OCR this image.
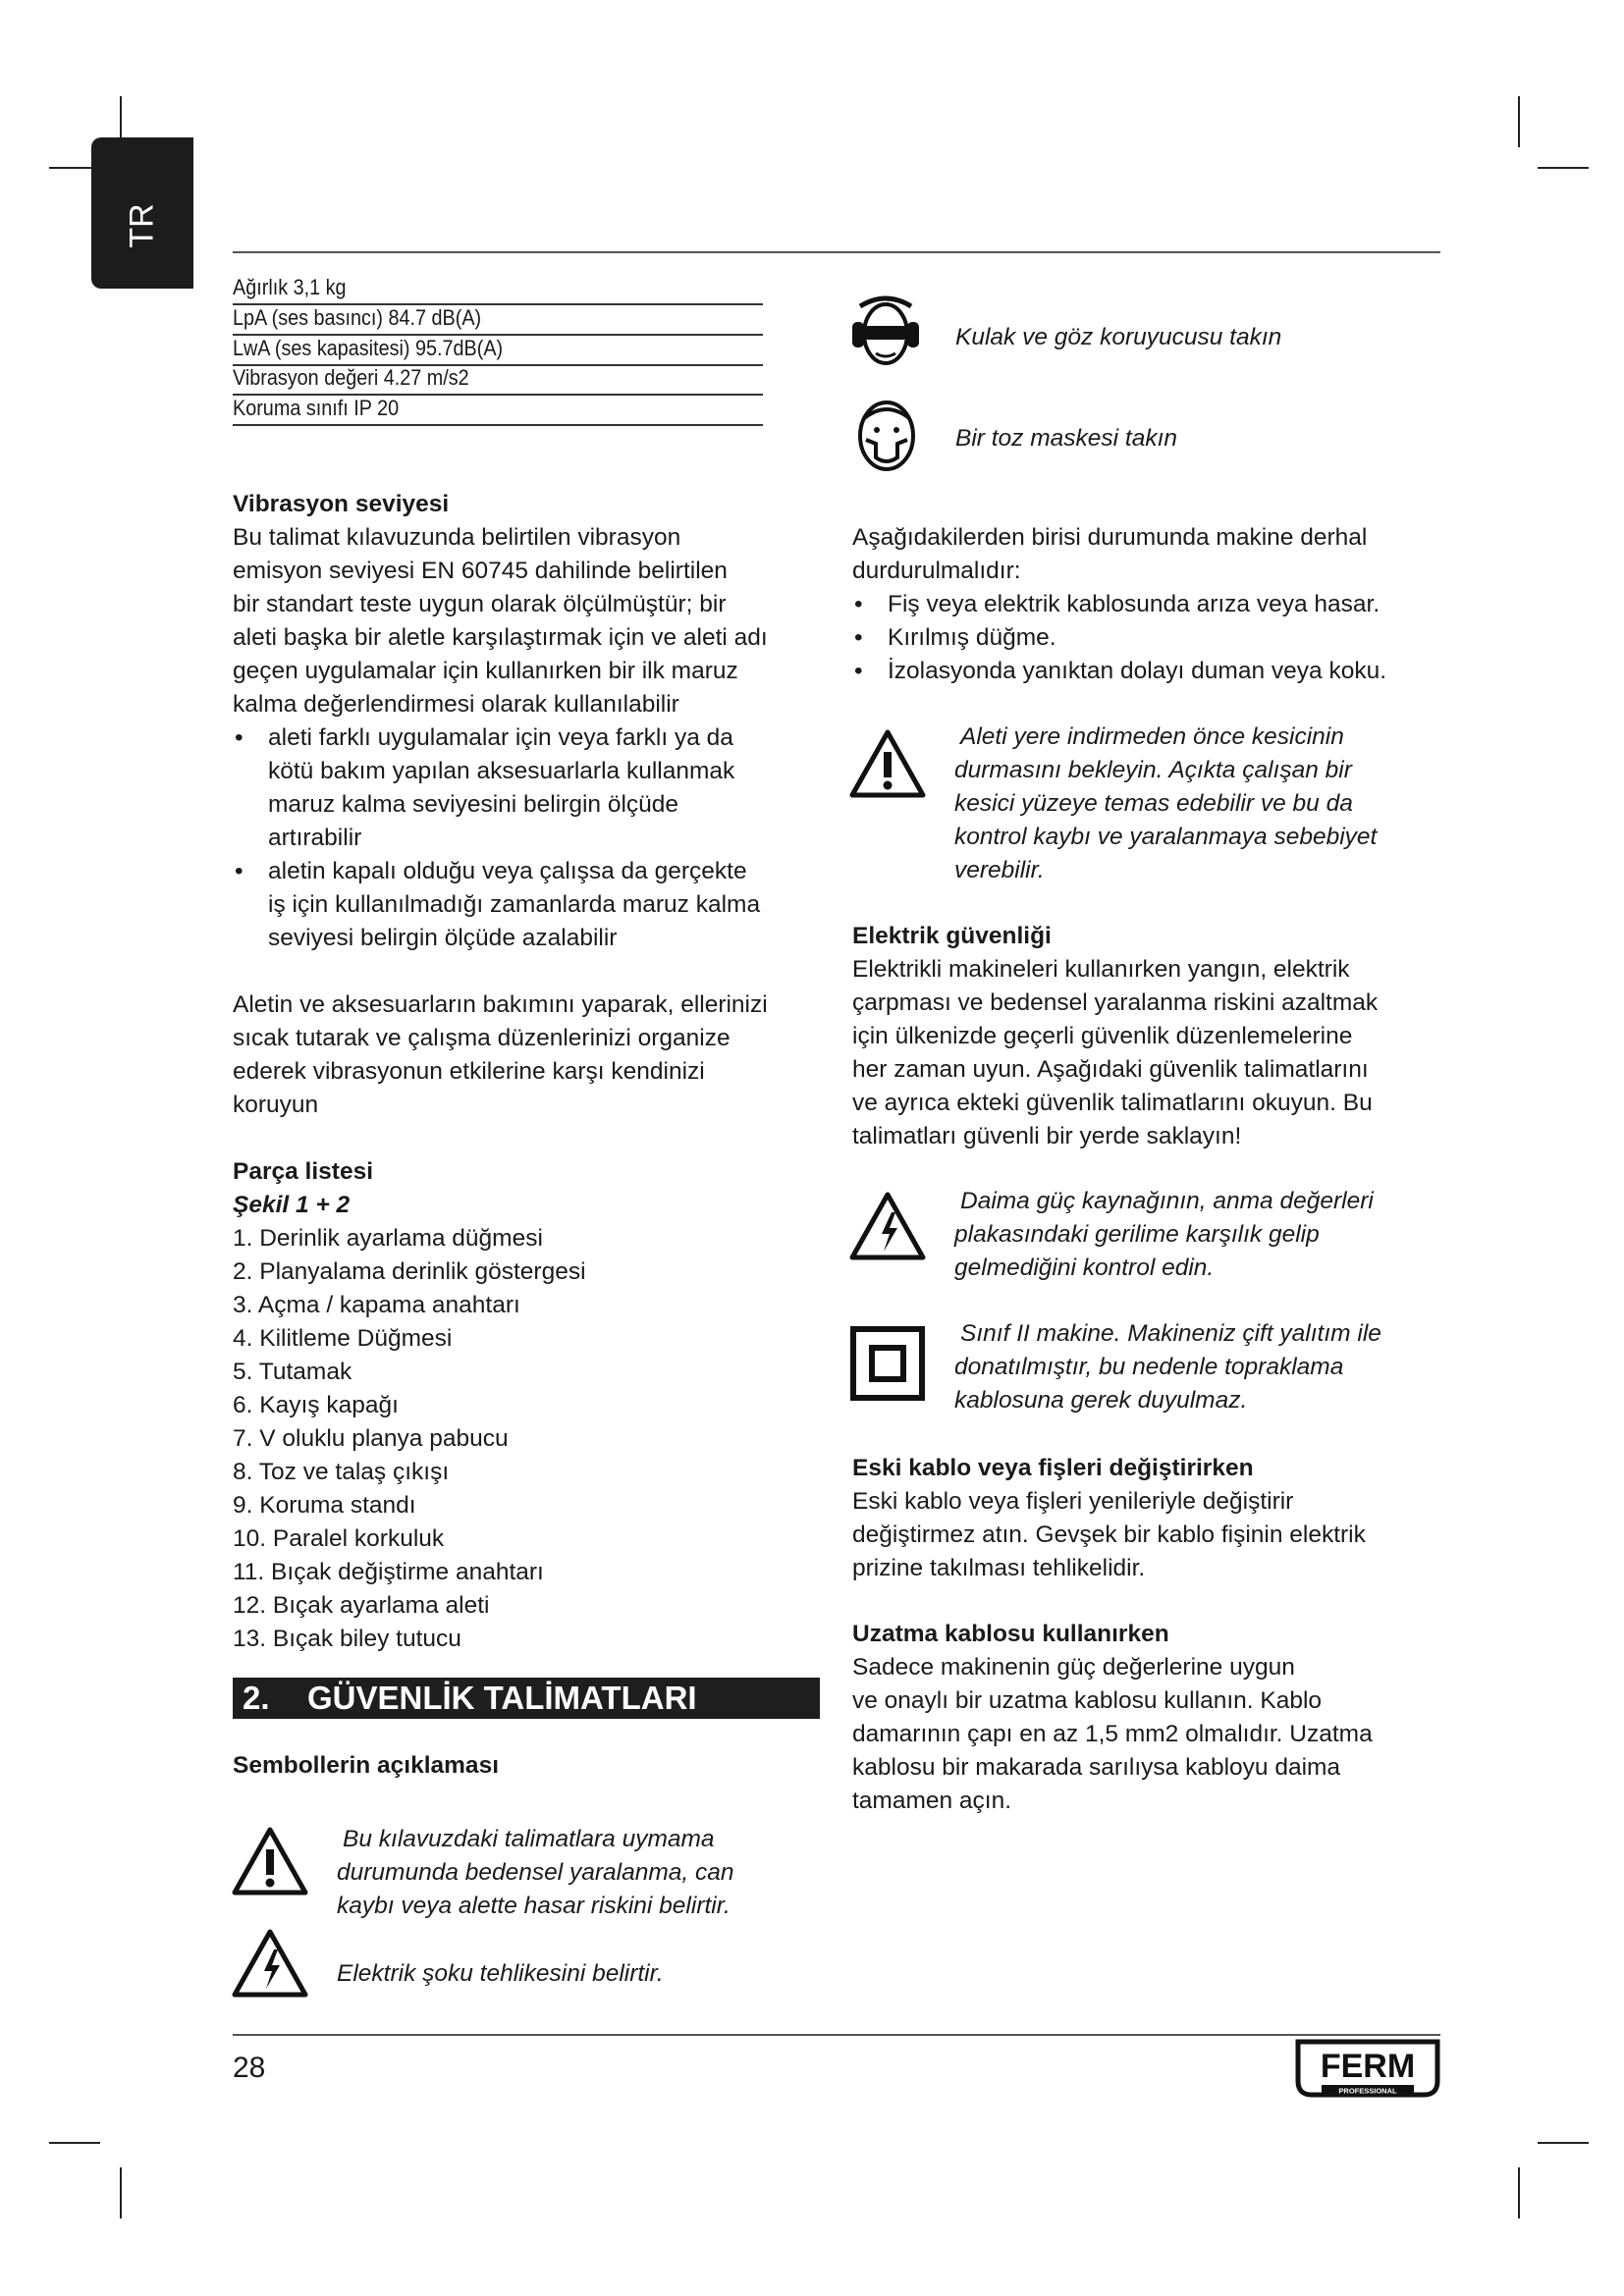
TR
Ağırlık 3,1 kg
LpA (ses basıncı) 84.7 dB(A)
LwA (ses kapasitesi) 95.7dB(A)
Vibrasyon değeri 4.27 m/s2
Koruma sınıfı IP 20
Kulak ve göz koruyucusu takın
Bir toz maskesi takın

Vibrasyon seviyesi

Bu talimat kılavuzunda belirtilen vibrasyon

emisyon seviyesi EN 60745 dahilinde belirtilen

bir standart teste uygun olarak ölçülmüştür; bir

aleti başka bir aletle karşılaştırmak için ve aleti adı

geçen uygulamalar için kullanırken bir ilk maruz

kalma değerlendirmesi olarak kullanılabilir

• aleti farklı uygulamalar için veya farklı ya da
kötü bakım yapılan aksesuarlarla kullanmak
maruz kalma seviyesini belirgin ölçüde
artırabilir
• aletin kapalı olduğu veya çalışsa da gerçekte
iş için kullanılmadığı zamanlarda maruz kalma
seviyesi belirgin ölçüde azalabilir

Aletin ve aksesuarların bakımını yaparak, ellerinizi

sıcak tutarak ve çalışma düzenlerinizi organize

ederek vibrasyonun etkilerine karşı kendinizi

koruyun

Parça listesi

Şekil 1 + 2

1. Derinlik ayarlama düğmesi
2. Planyalama derinlik göstergesi
3. Açma / kapama anahtarı
4. Kilitleme Düğmesi
5. Tutamak
6. Kayış kapağı
7. V oluklu planya pabucu
8. Toz ve talaş çıkışı
9. Koruma standı
10. Paralel korkuluk
11. Bıçak değiştirme anahtarı
12. Bıçak ayarlama aleti
13. Bıçak biley tutucu
2. GÜVENLİK TALİMATLARI

Sembollerin açıklaması

Bu kılavuzdaki talimatlara uymama
durumunda bedensel yaralanma, can
kaybı veya alette hasar riskini belirtir.
Elektrik şoku tehlikesini belirtir.

Aşağıdakilerden birisi durumunda makine derhal

durdurulmalıdır:

• Fiş veya elektrik kablosunda arıza veya hasar.
• Kırılmış düğme.
• İzolasyonda yanıktan dolayı duman veya koku.
Aleti yere indirmeden önce kesicinin
durmasını bekleyin. Açıkta çalışan bir
kesici yüzeye temas edebilir ve bu da
kontrol kaybı ve yaralanmaya sebebiyet
verebilir.

Elektrik güvenliği

Elektrikli makineleri kullanırken yangın, elektrik

çarpması ve bedensel yaralanma riskini azaltmak

için ülkenizde geçerli güvenlik düzenlemelerine

her zaman uyun. Aşağıdaki güvenlik talimatlarını

ve ayrıca ekteki güvenlik talimatlarını okuyun. Bu

talimatları güvenli bir yerde saklayın!

Daima güç kaynağının, anma değerleri
plakasındaki gerilime karşılık gelip
gelmediğini kontrol edin.
Sınıf II makine. Makineniz çift yalıtım ile
donatılmıştır, bu nedenle topraklama
kablosuna gerek duyulmaz.

Eski kablo veya fişleri değiştirirken

Eski kablo veya fişleri yenileriyle değiştirir

değiştirmez atın. Gevşek bir kablo fişinin elektrik

prizine takılması tehlikelidir.

Uzatma kablosu kullanırken

Sadece makinenin güç değerlerine uygun

ve onaylı bir uzatma kablosu kullanın. Kablo

damarının çapı en az 1,5 mm2 olmalıdır. Uzatma

kablosu bir makarada sarılıysa kabloyu daima

tamamen açın.

28	FERM
PROFESSIONAL
